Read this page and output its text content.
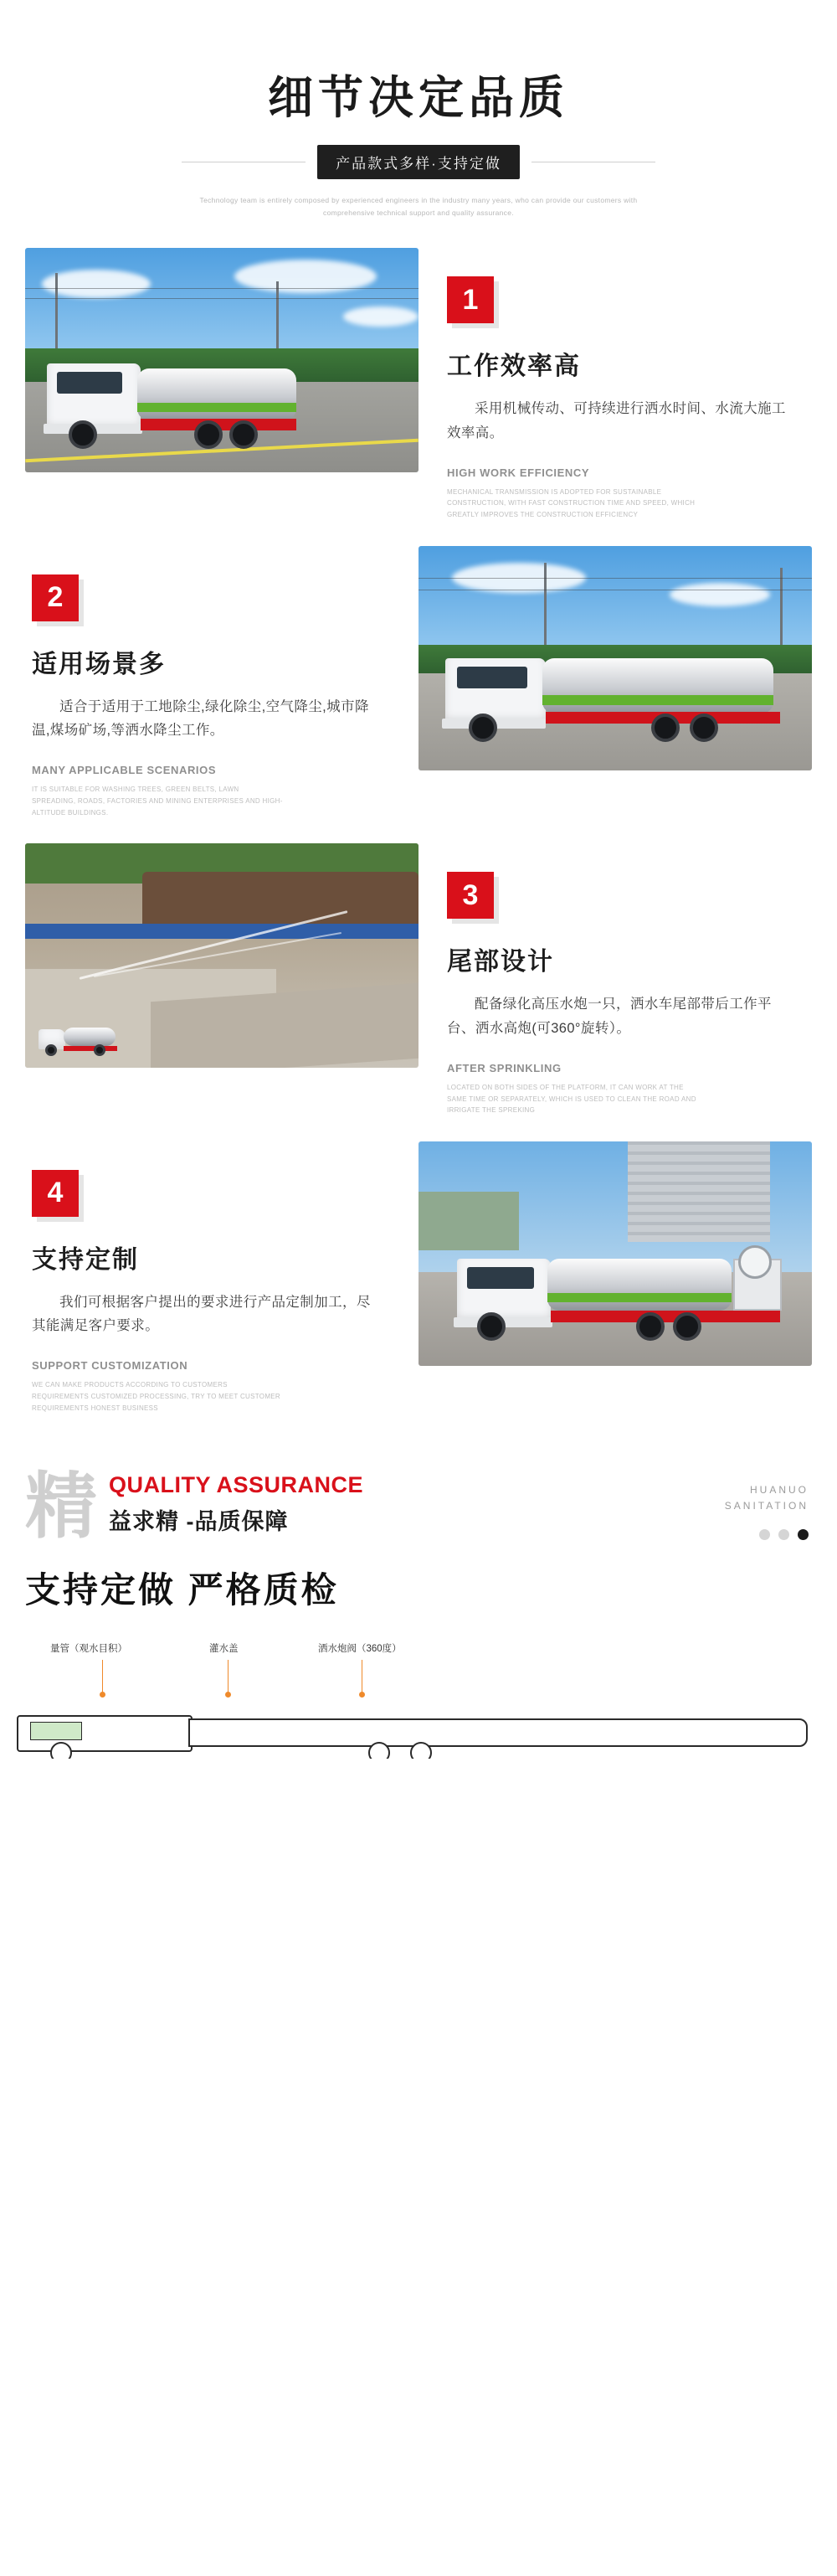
细节决定品质
产品款式多样·支持定做
Technology team is entirely composed by experienced engineers in the industry many years, who can provide our customers with comprehensive technical support and quality assurance.
1
工作效率高
采用机械传动、可持续进行洒水时间、水流大施工效率高。
HIGH WORK EFFICIENCY
MECHANICAL TRANSMISSION IS ADOPTED FOR SUSTAINABLE CONSTRUCTION, WITH FAST CONSTRUCTION TIME AND SPEED, WHICH GREATLY IMPROVES THE CONSTRUCTION EFFICIENCY
2
适用场景多
适合于适用于工地除尘,绿化除尘,空气降尘,城市降温,煤场矿场,等洒水降尘工作。
MANY APPLICABLE SCENARIOS
IT IS SUITABLE FOR WASHING TREES, GREEN BELTS, LAWN SPREADING, ROADS, FACTORIES AND MINING ENTERPRISES AND HIGH-ALTITUDE BUILDINGS.
3
尾部设计
配备绿化高压水炮一只，洒水车尾部带后工作平台、洒水高炮(可360°旋转）。
AFTER SPRINKLING
LOCATED ON BOTH SIDES OF THE PLATFORM, IT CAN WORK AT THE SAME TIME OR SEPARATELY, WHICH IS USED TO CLEAN THE ROAD AND IRRIGATE THE SPREKING
4
支持定制
我们可根据客户提出的要求进行产品定制加工，尽其能满足客户要求。
SUPPORT CUSTOMIZATION
WE CAN MAKE PRODUCTS ACCORDING TO CUSTOMERS REQUIREMENTS CUSTOMIZED PROCESSING, TRY TO MEET CUSTOMER REQUIREMENTS HONEST BUSINESS
HUANUO
SANITATION
精 QUALITY ASSURANCE
益求精 -品质保障
支持定做 严格质检
量管（观水目积）	灌水盖	洒水炮阀（360度）
